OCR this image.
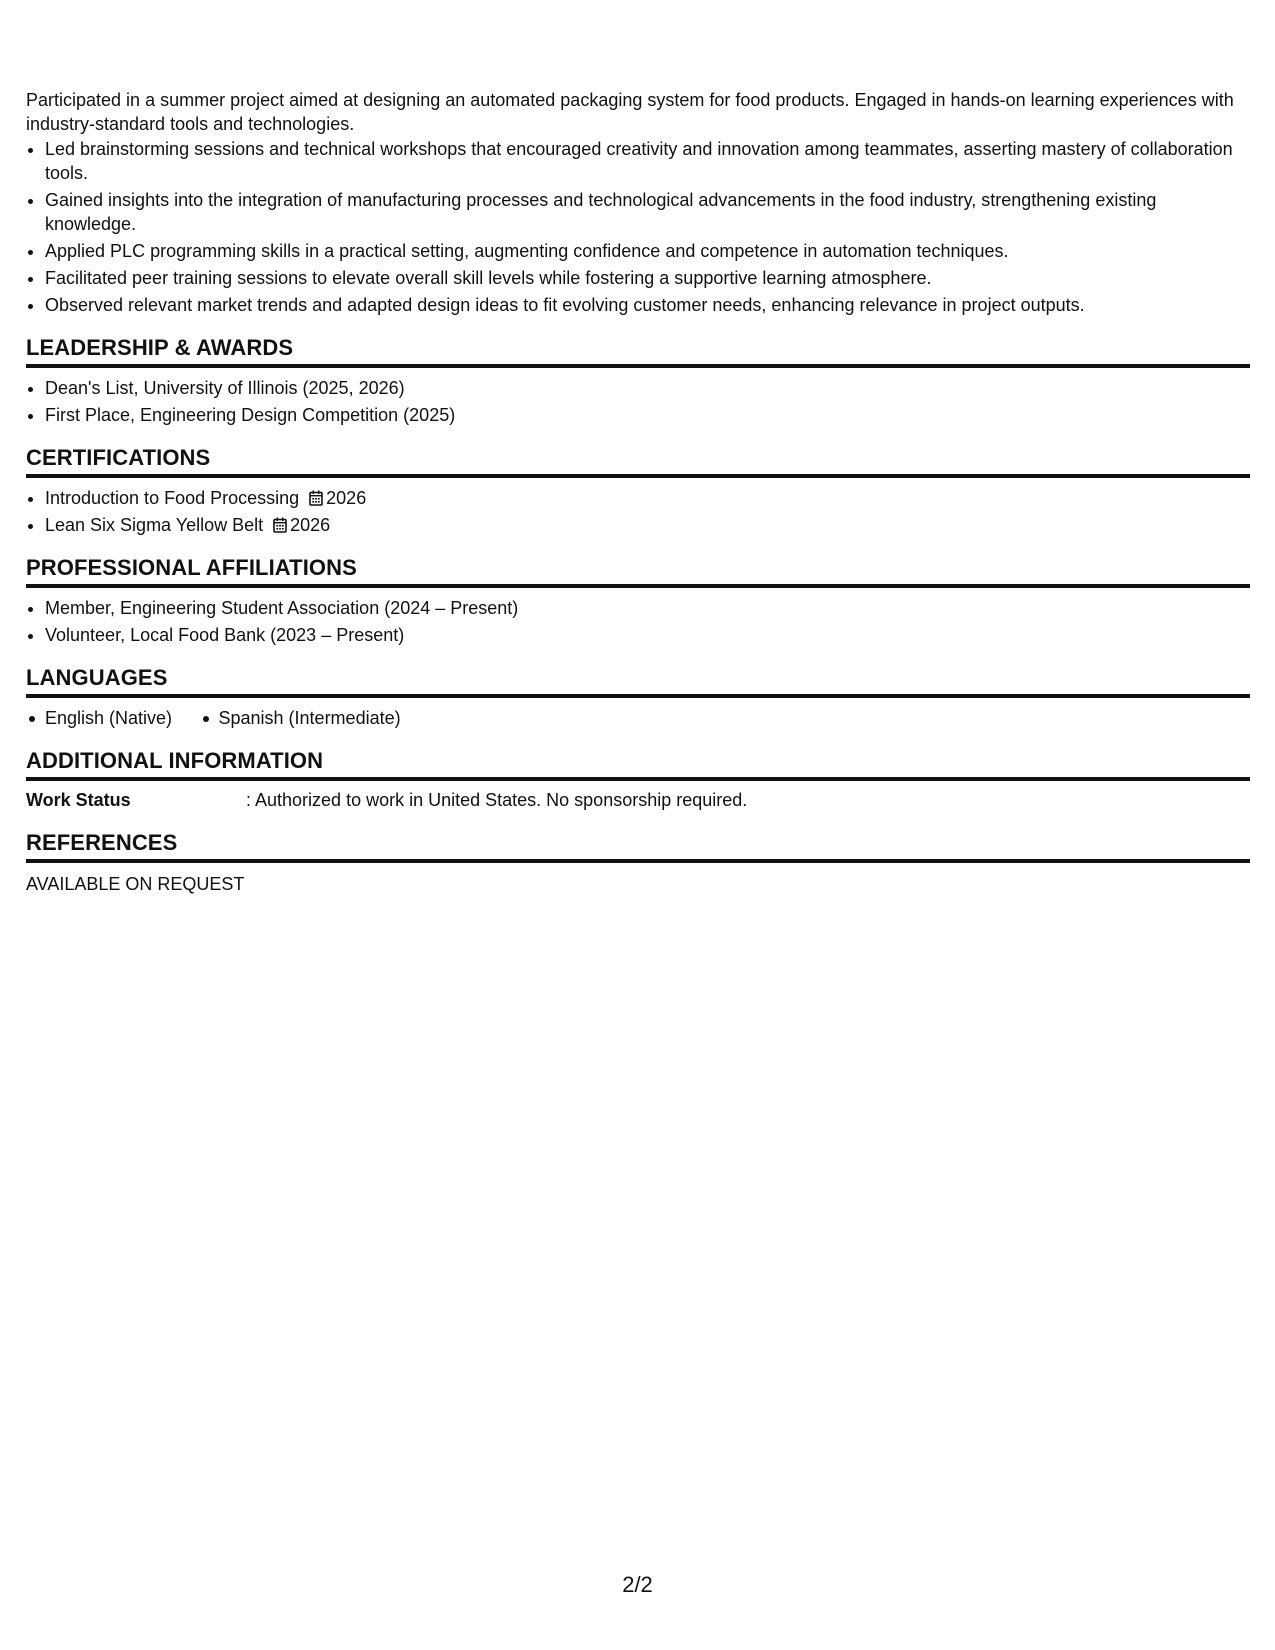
Participated in a summer project aimed at designing an automated packaging system for food products. Engaged in hands-on learning experiences with industry-standard tools and technologies.

• Led brainstorming sessions and technical workshops that encouraged creativity and innovation among teammates, asserting mastery of collaboration tools.
• Gained insights into the integration of manufacturing processes and technological advancements in the food industry, strengthening existing knowledge.
• Applied PLC programming skills in a practical setting, augmenting confidence and competence in automation techniques.
• Facilitated peer training sessions to elevate overall skill levels while fostering a supportive learning atmosphere.
• Observed relevant market trends and adapted design ideas to fit evolving customer needs, enhancing relevance in project outputs.
LEADERSHIP & AWARDS
• Dean's List, University of Illinois (2025, 2026)
• First Place, Engineering Design Competition (2025)
CERTIFICATIONS
• Introduction to Food Processing 2026
• Lean Six Sigma Yellow Belt 2026
PROFESSIONAL AFFILIATIONS
• Member, Engineering Student Association (2024 – Present)
• Volunteer, Local Food Bank (2023 – Present)
LANGUAGES
English (Native)	Spanish (Intermediate)
ADDITIONAL INFORMATION
Work Status	: Authorized to work in United States. No sponsorship required.
REFERENCES
AVAILABLE ON REQUEST
2/2
